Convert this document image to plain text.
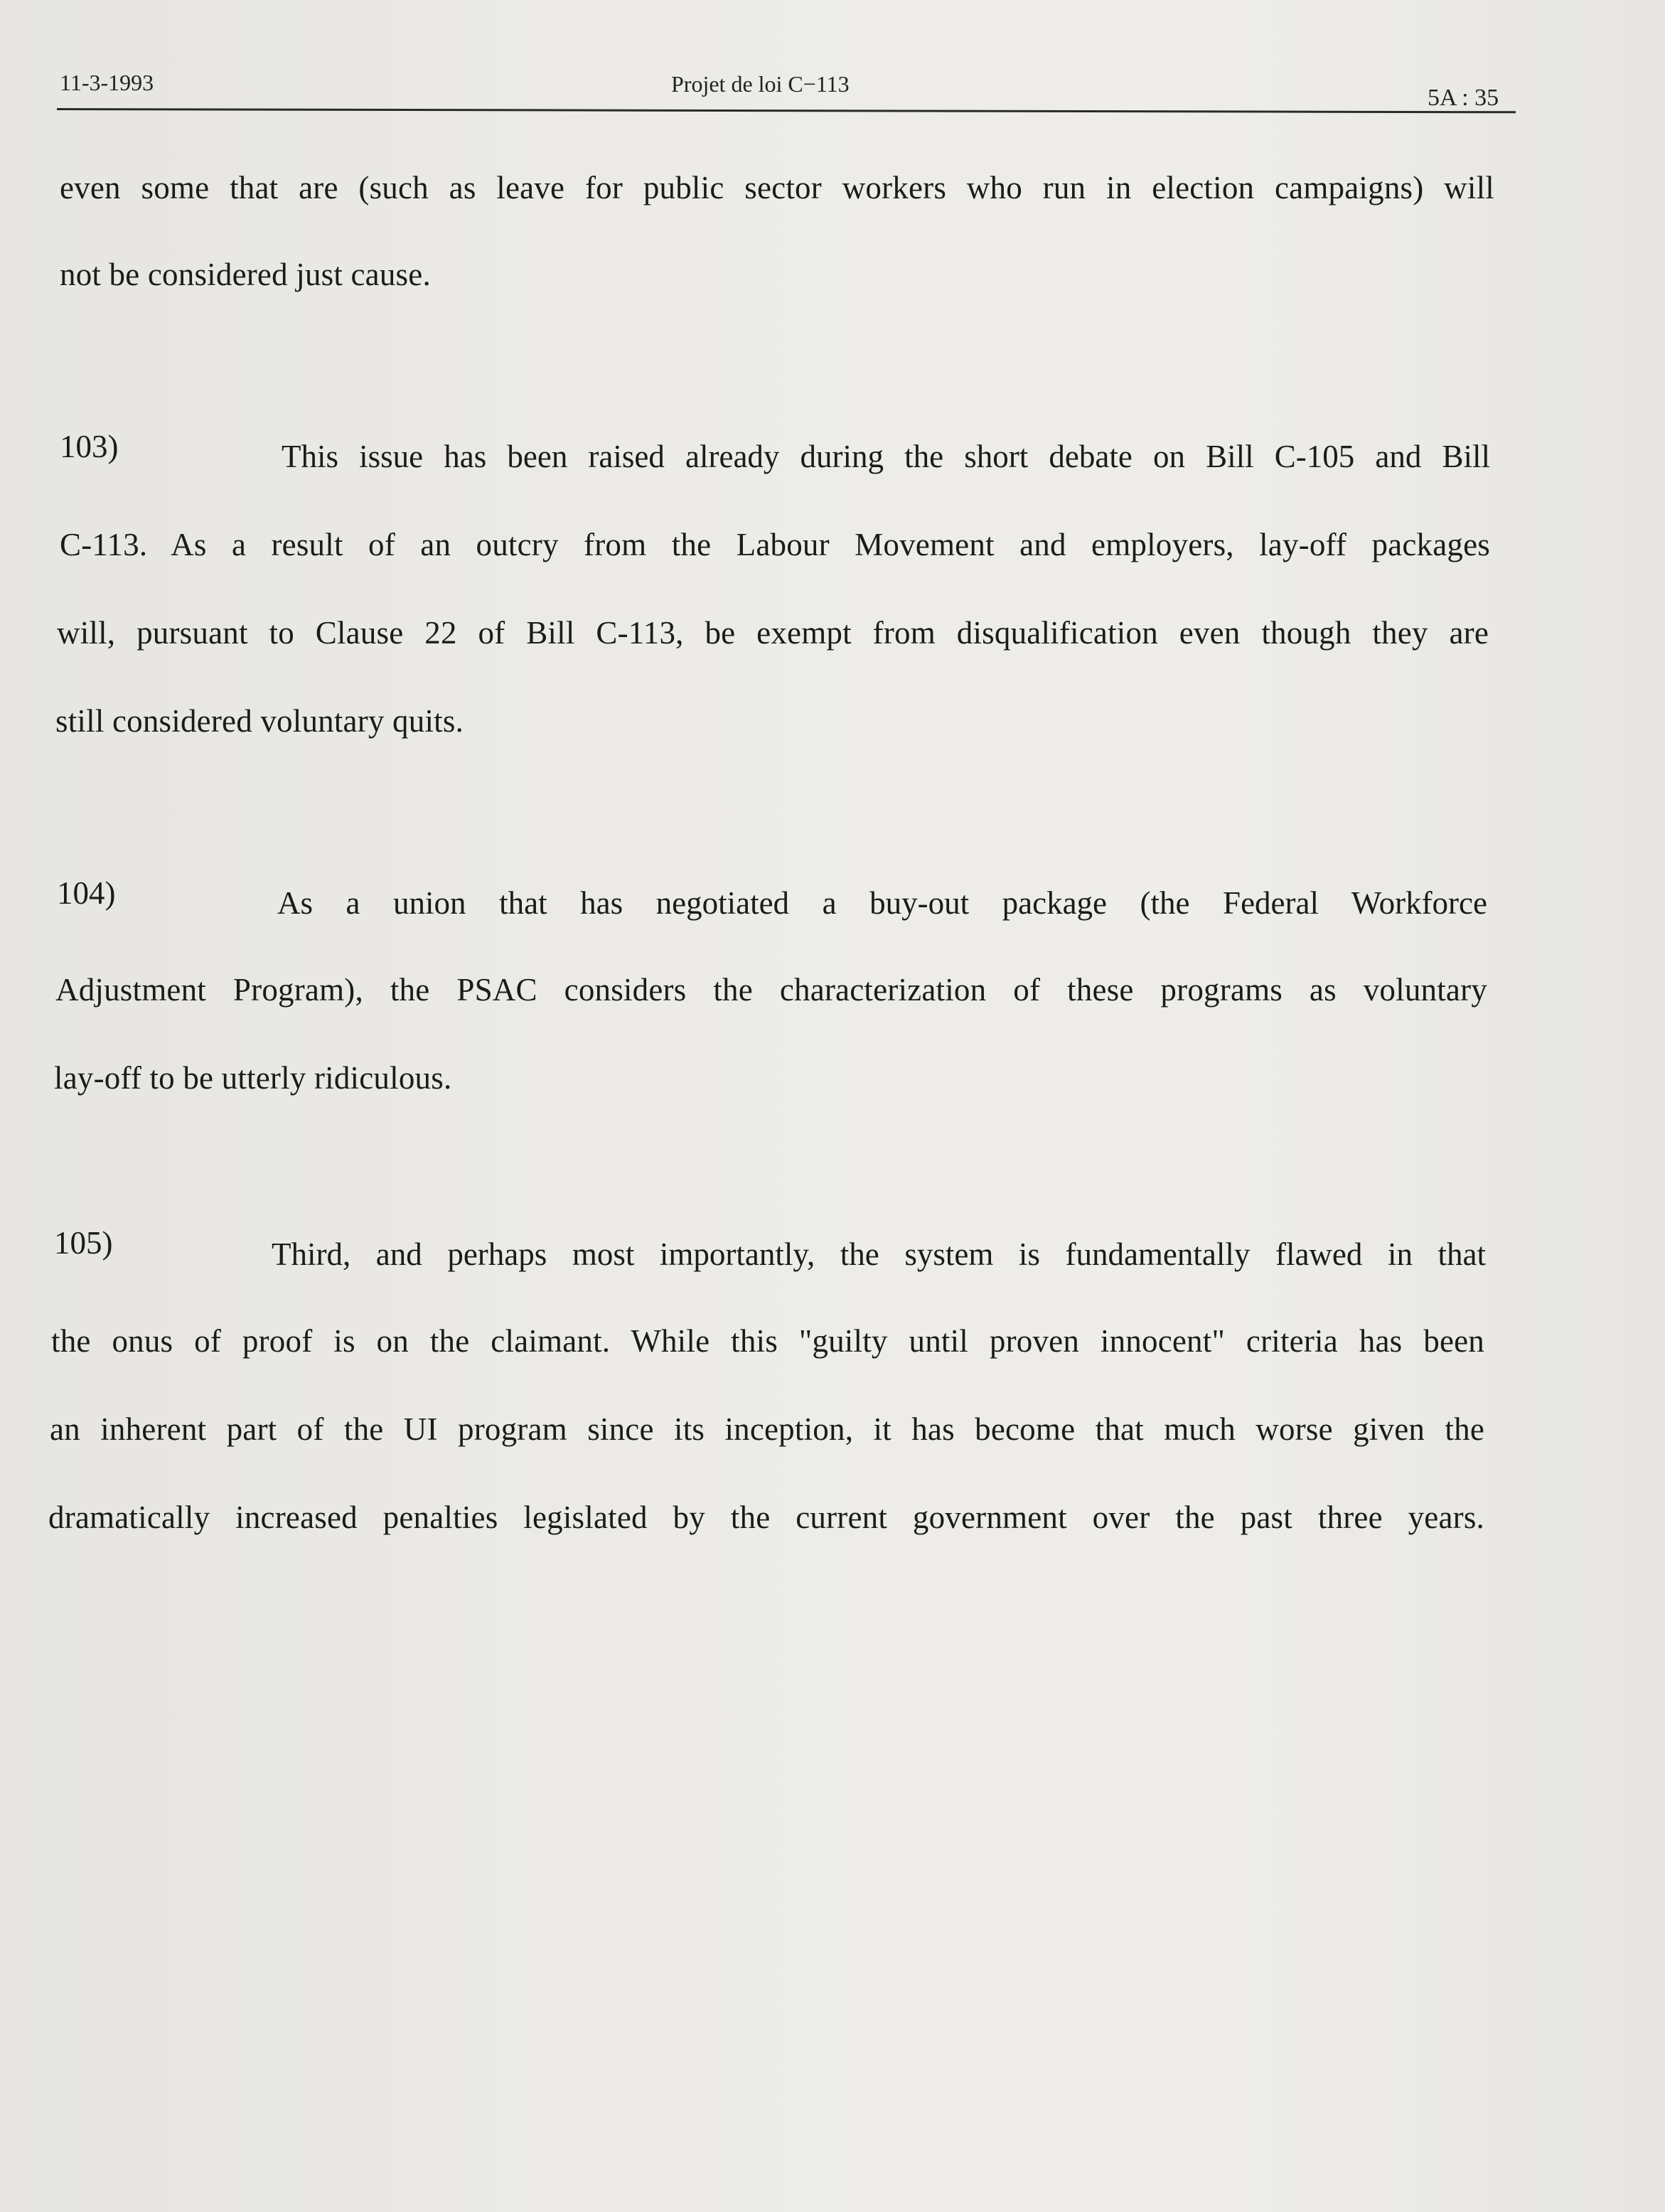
11-3-1993	Projet de loi C−113
5A : 35
even some that are (such as leave for public sector workers who run in election campaigns) will
not be considered just cause.
103)	This issue has been raised already during the short debate on Bill C-105 and Bill
C-113. As a result of an outcry from the Labour Movement and employers, lay-off packages
will, pursuant to Clause 22 of Bill C-113, be exempt from disqualification even though they are
still considered voluntary quits.
104)	As a union that has negotiated a buy-out package (the Federal Workforce
Adjustment Program), the PSAC considers the characterization of these programs as voluntary
lay-off to be utterly ridiculous.
105)	Third, and perhaps most importantly, the system is fundamentally flawed in that
the onus of proof is on the claimant. While this "guilty until proven innocent" criteria has been
an inherent part of the UI program since its inception, it has become that much worse given the
dramatically increased penalties legislated by the current government over the past three years.
